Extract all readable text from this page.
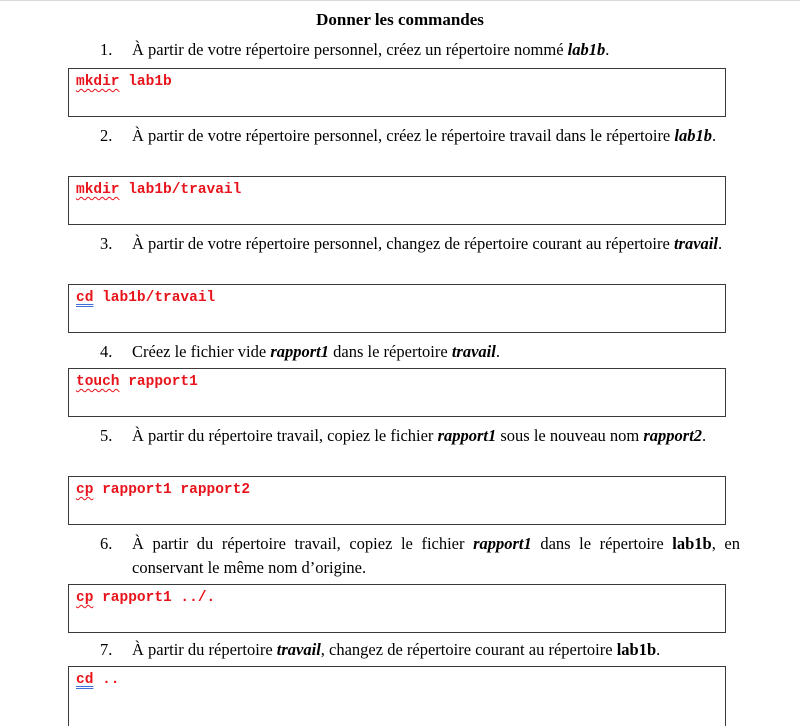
Donner les commandes
1. À partir de votre répertoire personnel, créez un répertoire nommé lab1b.
mkdir lab1b
2. À partir de votre répertoire personnel, créez le répertoire travail dans le répertoire lab1b.
mkdir lab1b/travail
3. À partir de votre répertoire personnel, changez de répertoire courant au répertoire travail.
cd lab1b/travail
4. Créez le fichier vide rapport1 dans le répertoire travail.
touch rapport1
5. À partir du répertoire travail, copiez le fichier rapport1 sous le nouveau nom rapport2.
cp rapport1 rapport2
6. À partir du répertoire travail, copiez le fichier rapport1 dans le répertoire lab1b, en conservant le même nom d’origine.
cp rapport1 ../.
7. À partir du répertoire travail, changez de répertoire courant au répertoire lab1b.
cd ..
